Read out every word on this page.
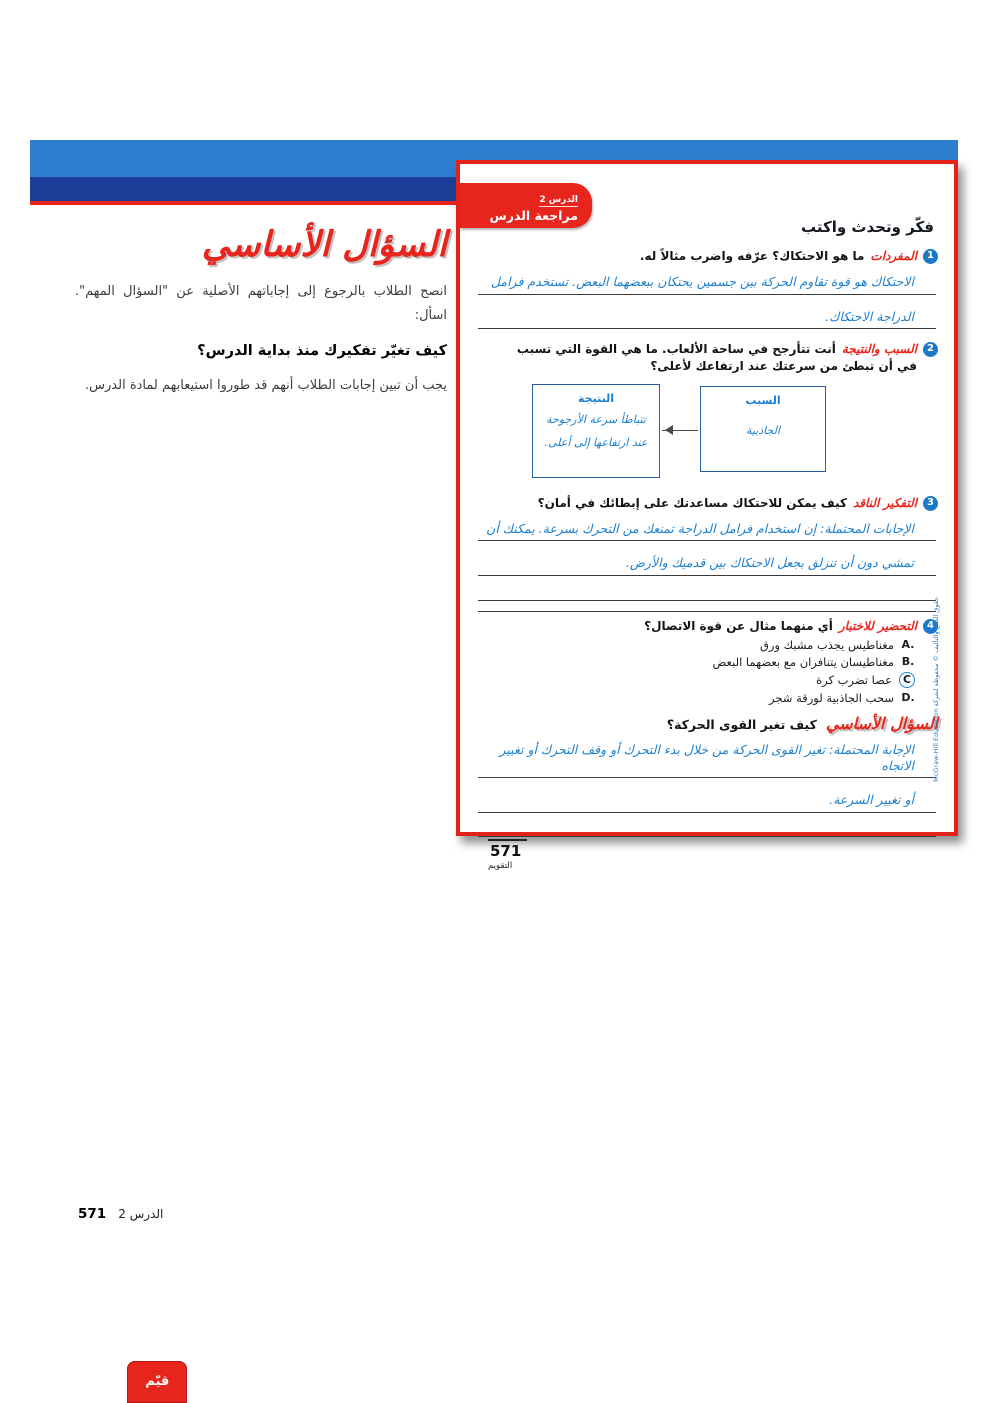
أشرك
استكشف
فسّر
قيّم
وسّع
السؤال الأساسي

انصح الطلاب بالرجوع إلى إجاباتهم الأصلية عن "السؤال المهم". اسأل:

كيف تغيّر تفكيرك منذ بداية الدرس؟

يجب أن تبين إجابات الطلاب أنهم قد طوروا استيعابهم لمادة الدرس.

فكّر وتحدث واكتب
1
المفردات
ما هو الاحتكاك؟ عرّفه واضرب مثالاً له.
الاحتكاك هو قوة تقاوم الحركة بين جسمين يحتكان ببعضهما البعض. تستخدم فرامل
الدراجة الاحتكاك.
2
السبب والنتيجة
أنت تتأرجح في ساحة الألعاب. ما هي القوة التي تسبب
في أن تبطئ من سرعتك عند ارتفاعك لأعلى؟
السبب
الجاذبية
النتيجة
تتباطأ سرعة الأرجوحة
عند ارتفاعها إلى أعلى.
3
التفكير الناقد
كيف يمكن للاحتكاك مساعدتك على إبطائك في أمان؟
الإجابات المحتملة: إن استخدام فرامل الدراجة تمنعك من التحرك بسرعة. يمكنك أن
تمشي دون أن تنزلق بجعل الاحتكاك بين قدميك والأرض.
4
التحضير للاختبار
أي منهما مثال عن قوة الاتصال؟
A.
مغناطيس يجذب مشبك ورق
B.
مغناطيسان يتنافران مع بعضهما البعض
C
عصا تضرب كرة
D.
سحب الجاذبية لورقة شجر
السؤال الأساسي
كيف تغير القوى الحركة؟
الإجابة المحتملة: تغير القوى الحركة من خلال بدء التحرك أو وقف التحرك أو تغيير الاتجاه
أو تغيير السرعة.
571
التقويم
الدرس 2
مراجعة الدرس
حقوق الطبع والتأليف © محفوظة لشركة McGraw-Hill Education
571 الدرس 2
